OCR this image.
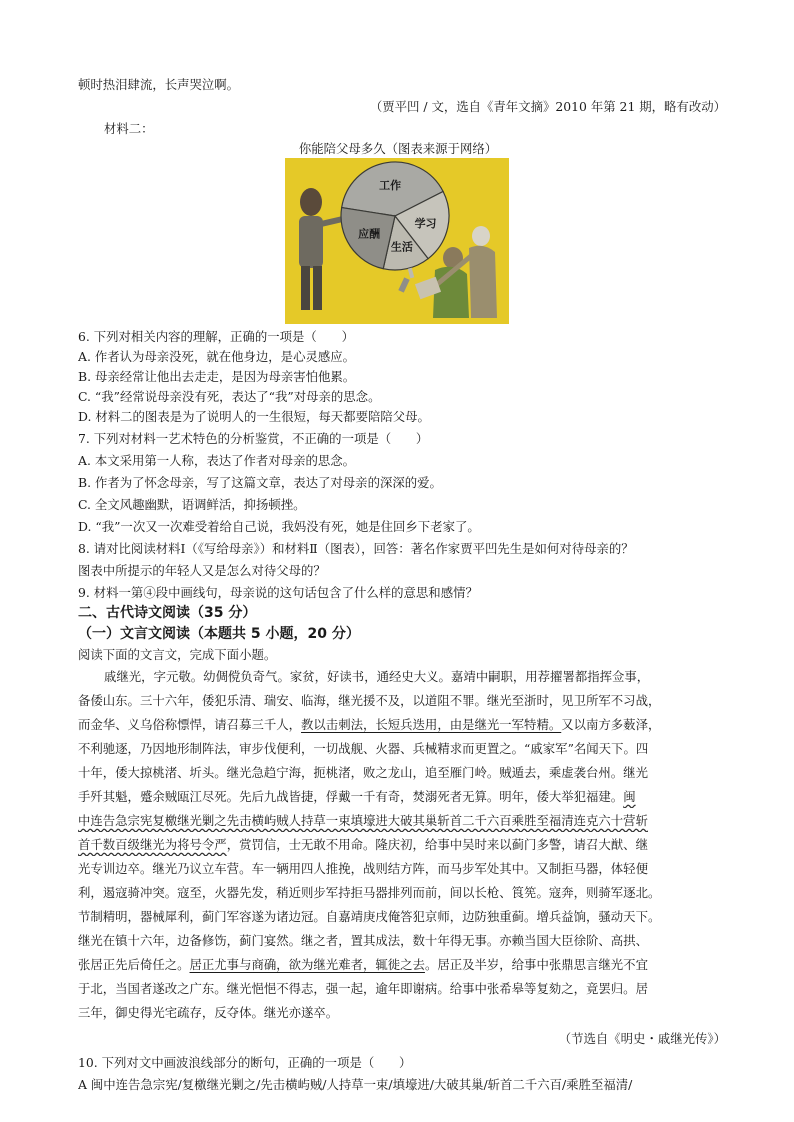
顿时热泪肆流，长声哭泣啊。
（贾平凹 / 文，选自《青年文摘》2010 年第 21 期，略有改动）
材料二：
你能陪父母多久（图表来源于网络）
工作
学习
生活
应酬
6. 下列对相关内容的理解，正确的一项是（　　）
A. 作者认为母亲没死，就在他身边，是心灵感应。
B. 母亲经常让他出去走走，是因为母亲害怕他累。
C. “我”经常说母亲没有死，表达了“我”对母亲的思念。
D. 材料二的图表是为了说明人的一生很短，每天都要陪陪父母。
7. 下列对材料一艺术特色的分析鉴赏，不正确的一项是（　　）
A. 本文采用第一人称，表达了作者对母亲的思念。
B. 作者为了怀念母亲，写了这篇文章，表达了对母亲的深深的爱。
C. 全文风趣幽默，语调鲜活，抑扬顿挫。
D. “我”一次又一次难受着给自己说，我妈没有死，她是住回乡下老家了。
8. 请对比阅读材料Ⅰ（《写给母亲》）和材料Ⅱ（图表），回答：著名作家贾平凹先生是如何对待母亲的？
图表中所提示的年轻人又是怎么对待父母的？
9. 材料一第④段中画线句，母亲说的这句话包含了什么样的意思和感情？
二、古代诗文阅读（35 分）
（一）文言文阅读（本题共 5 小题，20 分）
阅读下面的文言文，完成下面小题。
戚继光，字元敬。幼倜傥负奇气。家贫，好读书，通经史大义。嘉靖中嗣职，用荐擢署都指挥佥事，
备倭山东。三十六年，倭犯乐清、瑞安、临海，继光援不及，以道阻不罪。继光至浙时，见卫所军不习战，
而金华、义乌俗称慓悍，请召募三千人，教以击刺法，长短兵迭用，由是继光一军特精。又以南方多薮泽，
不利驰逐，乃因地形制阵法，审步伐便利，一切战舰、火器、兵械精求而更置之。“戚家军”名闻天下。四
十年，倭大掠桃渚、圻头。继光急趋宁海，扼桃渚，败之龙山，追至雁门岭。贼遁去，乘虚袭台州。继光
手歼其魁，蹙余贼瓯江尽死。先后九战皆捷，俘戴一千有奇，焚溺死者无算。明年，倭大举犯福建。闽
中连告急宗宪复檄继光剿之先击横屿贼人持草一束填壕进大破其巢斩首二千六百乘胜至福清连克六十营斩
首千数百级继光为将号令严，赏罚信，士无敢不用命。隆庆初，给事中吴时来以蓟门多警，请召大猷、继
光专训边卒。继光乃议立车营。车一辆用四人推挽，战则结方阵，而马步军处其中。又制拒马器，体轻便
利，遏寇骑冲突。寇至，火器先发，稍近则步军持拒马器排列而前，间以长枪、筤筅。寇奔，则骑军逐北。
节制精明，器械犀利，蓟门军容遂为诸边冠。自嘉靖庚戌俺答犯京师，边防独重蓟。增兵益饷，骚动天下。
继光在镇十六年，边备修饬，蓟门宴然。继之者，置其成法，数十年得无事。亦赖当国大臣徐阶、高拱、
张居正先后倚任之。居正尤事与商确，欲为继光难者，辄徙之去。居正及半岁，给事中张鼎思言继光不宜
于北，当国者遂改之广东。继光悒悒不得志，强一起，逾年即谢病。给事中张希皋等复劾之，竟罢归。居
三年，御史得光宅疏存，反夺体。继光亦遂卒。
（节选自《明史・戚继光传》）
10. 下列对文中画波浪线部分的断句，正确的一项是（　　）
A 闽中连告急宗宪/复檄继光剿之/先击横屿贼/人持草一束/填壕进/大破其巢/斩首二千六百/乘胜至福清/
